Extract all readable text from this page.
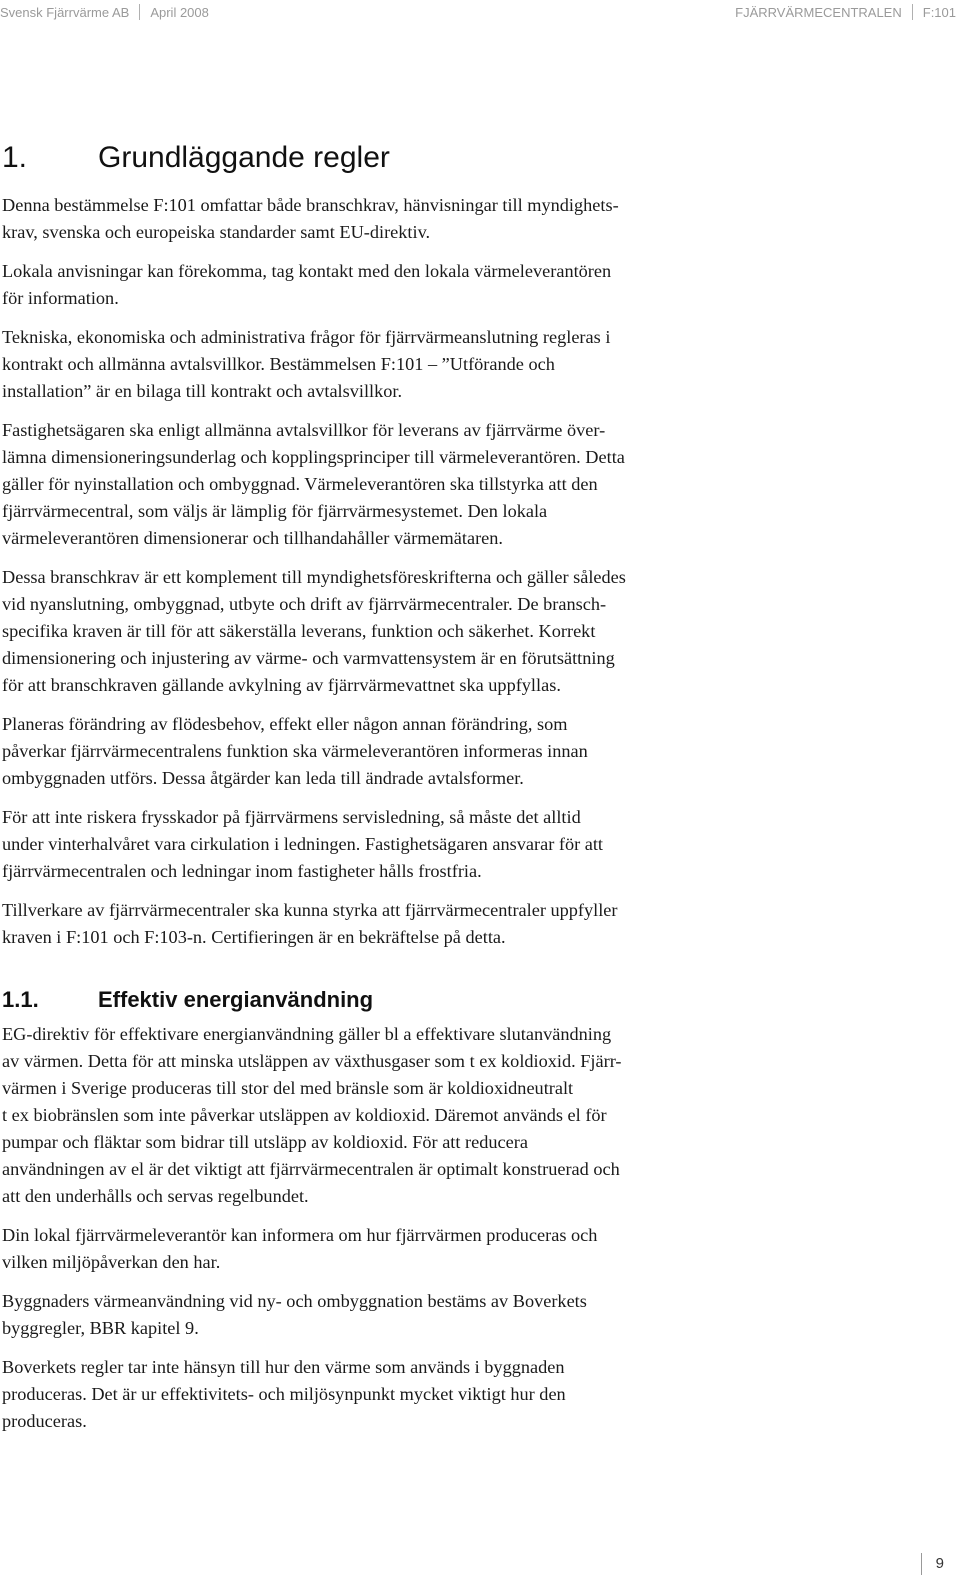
Svensk Fjärrvärme AB April 2008	FJÄRRVÄRMECENTRALEN F:101
1.	Grundläggande regler

Denna bestämmelse F:101 omfattar både branschkrav, hänvisningar till myndighets-
krav, svenska och europeiska standarder samt EU-direktiv.

Lokala anvisningar kan förekomma, tag kontakt med den lokala värmeleverantören
för information.

Tekniska, ekonomiska och administrativa frågor för fjärrvärmeanslutning regleras i
kontrakt och allmänna avtalsvillkor. Bestämmelsen F:101 – ”Utförande och
installation” är en bilaga till kontrakt och avtalsvillkor.

Fastighetsägaren ska enligt allmänna avtalsvillkor för leverans av fjärrvärme över-
lämna dimensioneringsunderlag och kopplingsprinciper till värmeleverantören. Detta
gäller för nyinstallation och ombyggnad. Värmeleverantören ska tillstyrka att den
fjärrvärmecentral, som väljs är lämplig för fjärrvärmesystemet. Den lokala
värmeleverantören dimensionerar och tillhandahåller värmemätaren.

Dessa branschkrav är ett komplement till myndighetsföreskrifterna och gäller således
vid nyanslutning, ombyggnad, utbyte och drift av fjärrvärmecentraler. De bransch-
specifika kraven är till för att säkerställa leverans, funktion och säkerhet. Korrekt
dimensionering och injustering av värme- och varmvattensystem är en förutsättning
för att branschkraven gällande avkylning av fjärrvärmevattnet ska uppfyllas.

Planeras förändring av flödesbehov, effekt eller någon annan förändring, som
påverkar fjärrvärmecentralens funktion ska värmeleverantören informeras innan
ombyggnaden utförs. Dessa åtgärder kan leda till ändrade avtalsformer.

För att inte riskera frysskador på fjärrvärmens servisledning, så måste det alltid
under vinterhalvåret vara cirkulation i ledningen. Fastighetsägaren ansvarar för att
fjärrvärmecentralen och ledningar inom fastigheter hålls frostfria.

Tillverkare av fjärrvärmecentraler ska kunna styrka att fjärrvärmecentraler uppfyller
kraven i F:101 och F:103-n. Certifieringen är en bekräftelse på detta.

1.1.	Effektiv energianvändning

EG-direktiv för effektivare energianvändning gäller bl a effektivare slutanvändning
av värmen. Detta för att minska utsläppen av växthusgaser som t ex koldioxid. Fjärr-
värmen i Sverige produceras till stor del med bränsle som är koldioxidneutralt
t ex biobränslen som inte påverkar utsläppen av koldioxid. Däremot används el för
pumpar och fläktar som bidrar till utsläpp av koldioxid. För att reducera
användningen av el är det viktigt att fjärrvärmecentralen är optimalt konstruerad och
att den underhålls och servas regelbundet.

Din lokal fjärrvärmeleverantör kan informera om hur fjärrvärmen produceras och
vilken miljöpåverkan den har.

Byggnaders värmeanvändning vid ny- och ombyggnation bestäms av Boverkets
byggregler, BBR kapitel 9.

Boverkets regler tar inte hänsyn till hur den värme som används i byggnaden
produceras. Det är ur effektivitets- och miljösynpunkt mycket viktigt hur den
produceras.

9
